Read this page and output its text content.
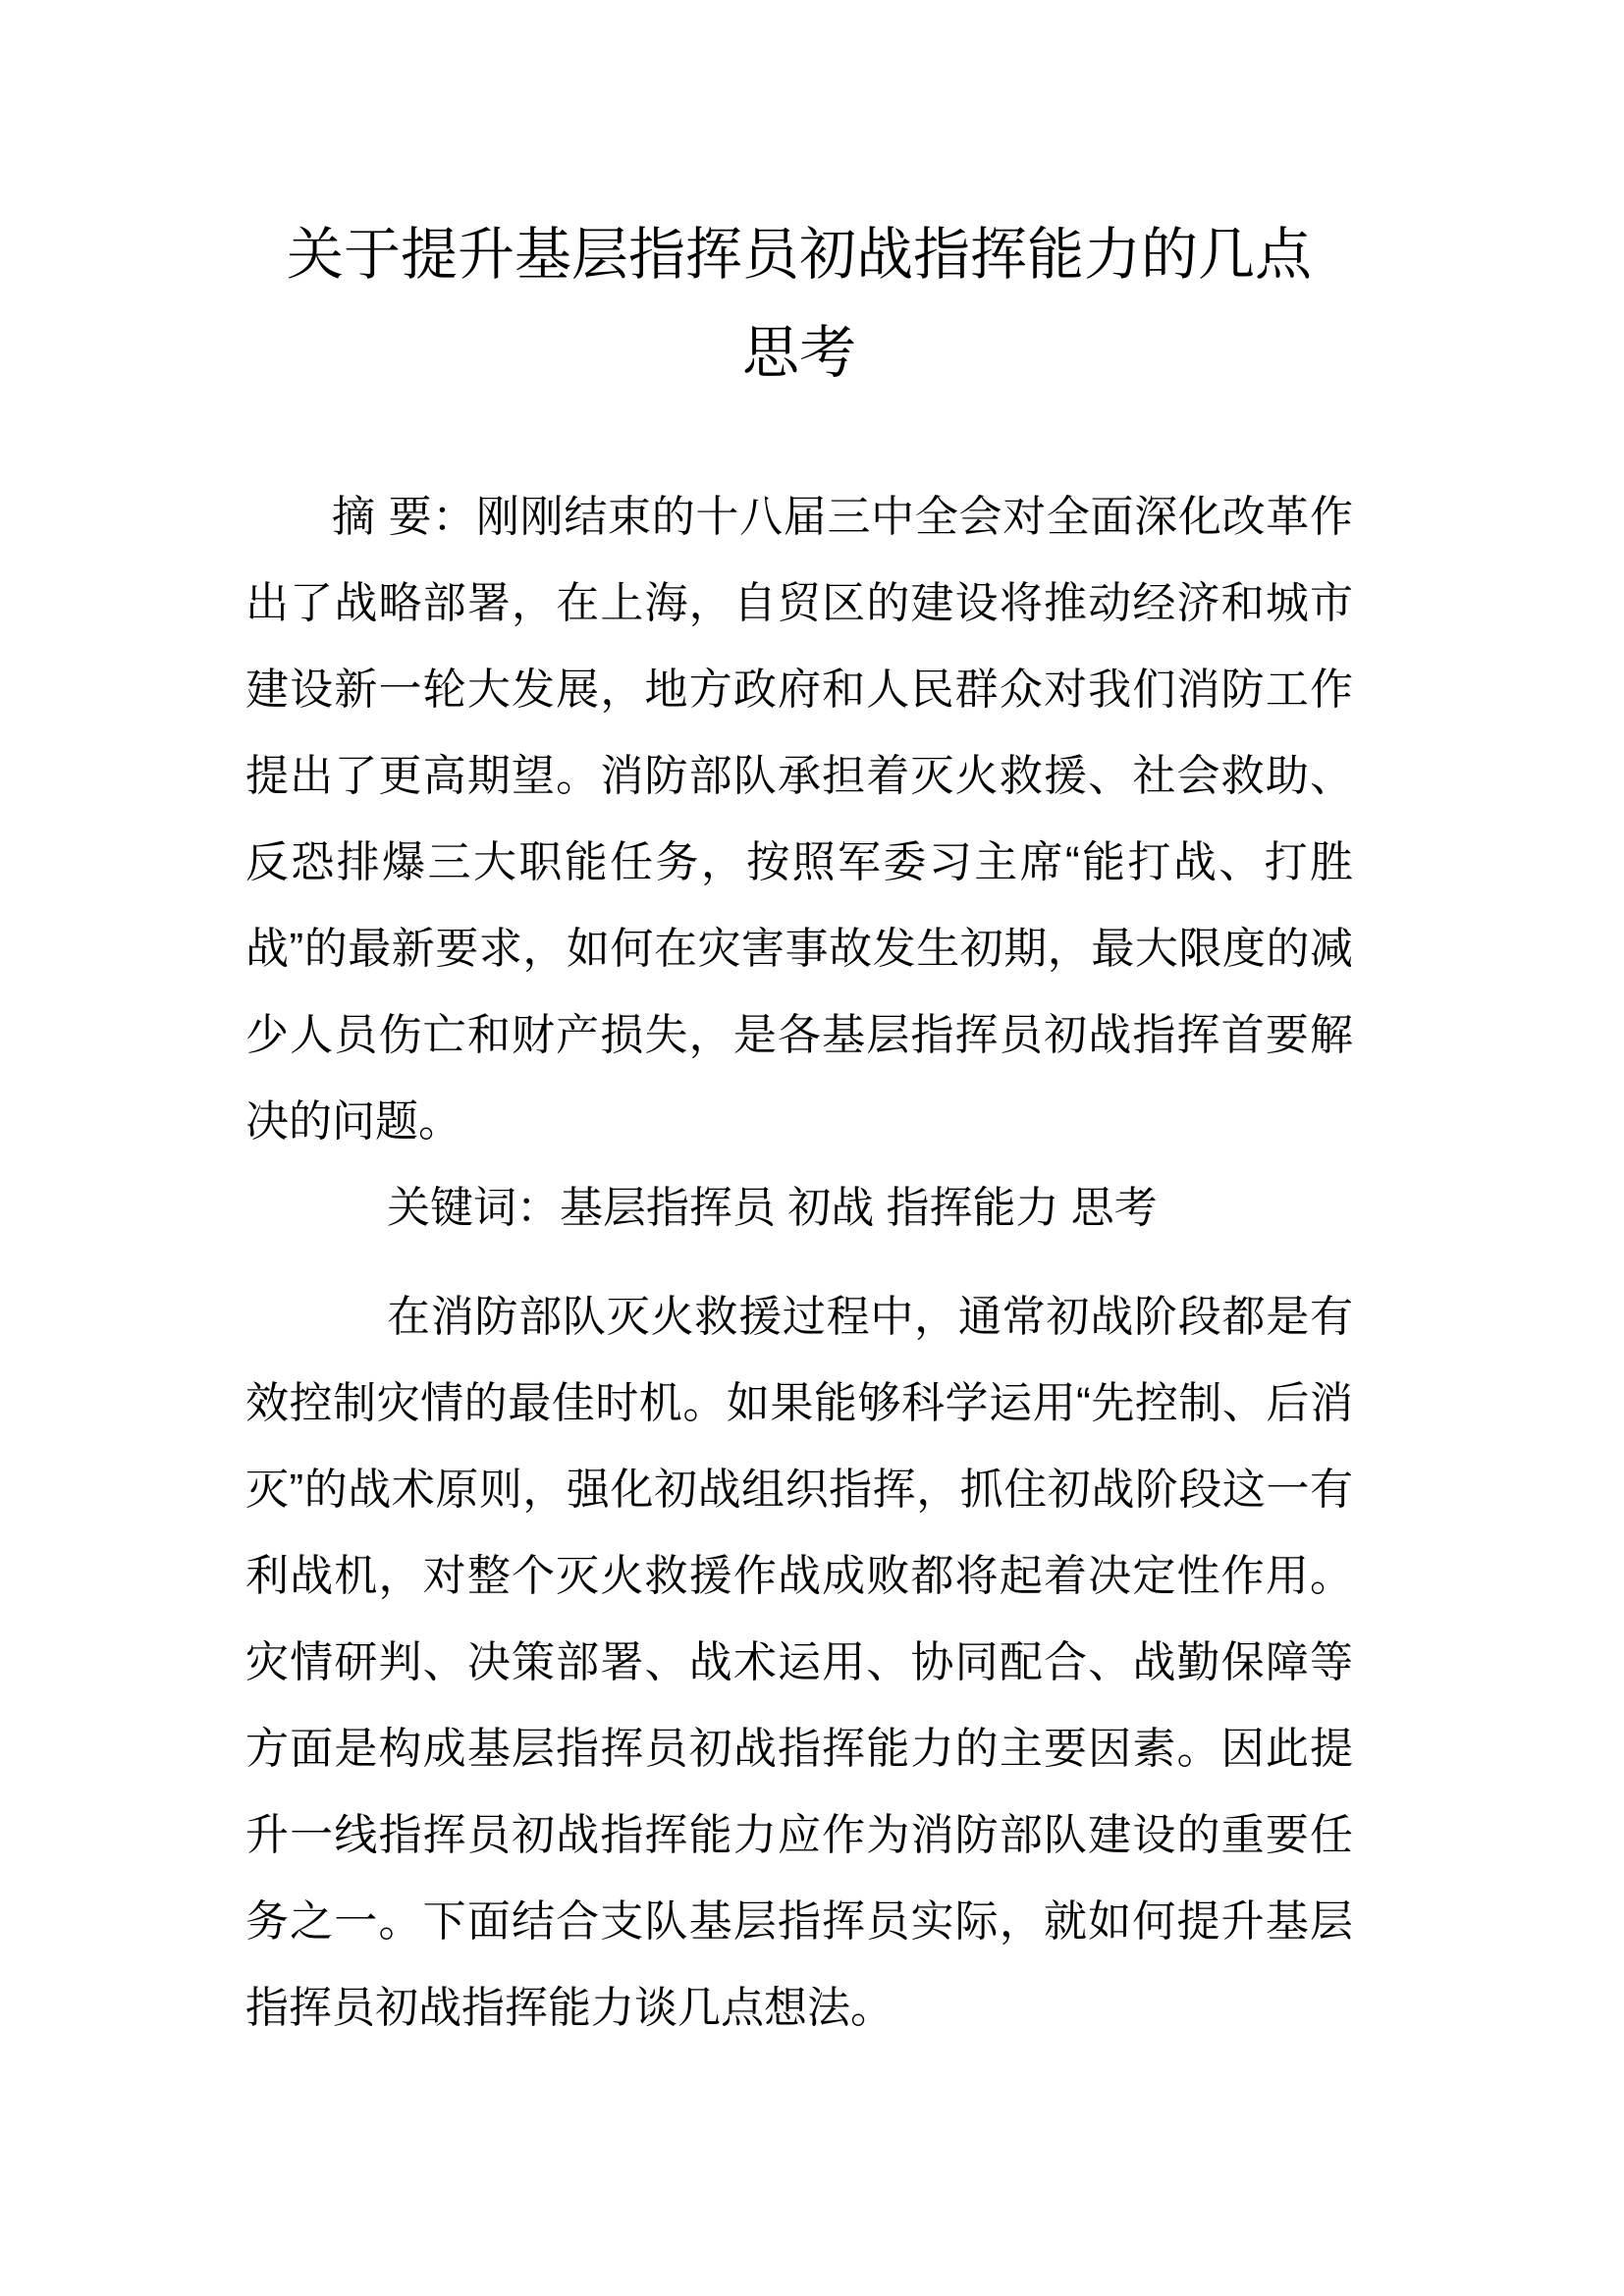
关于提升基层指挥员初战指挥能力的几点思考

摘 要：刚刚结束的十八届三中全会对全面深化改革作出了战略部署，在上海，自贸区的建设将推动经济和城市建设新一轮大发展，地方政府和人民群众对我们消防工作提出了更高期望。消防部队承担着灭火救援、社会救助、反恐排爆三大职能任务，按照军委习主席“能打战、打胜战”的最新要求，如何在灾害事故发生初期，最大限度的减少人员伤亡和财产损失，是各基层指挥员初战指挥首要解决的问题。

关键词：基层指挥员 初战 指挥能力 思考

在消防部队灭火救援过程中，通常初战阶段都是有效控制灾情的最佳时机。如果能够科学运用“先控制、后消灭”的战术原则，强化初战组织指挥，抓住初战阶段这一有利战机，对整个灭火救援作战成败都将起着决定性作用。灾情研判、决策部署、战术运用、协同配合、战勤保障等方面是构成基层指挥员初战指挥能力的主要因素。因此提升一线指挥员初战指挥能力应作为消防部队建设的重要任务之一。下面结合支队基层指挥员实际，就如何提升基层指挥员初战指挥能力谈几点想法。
